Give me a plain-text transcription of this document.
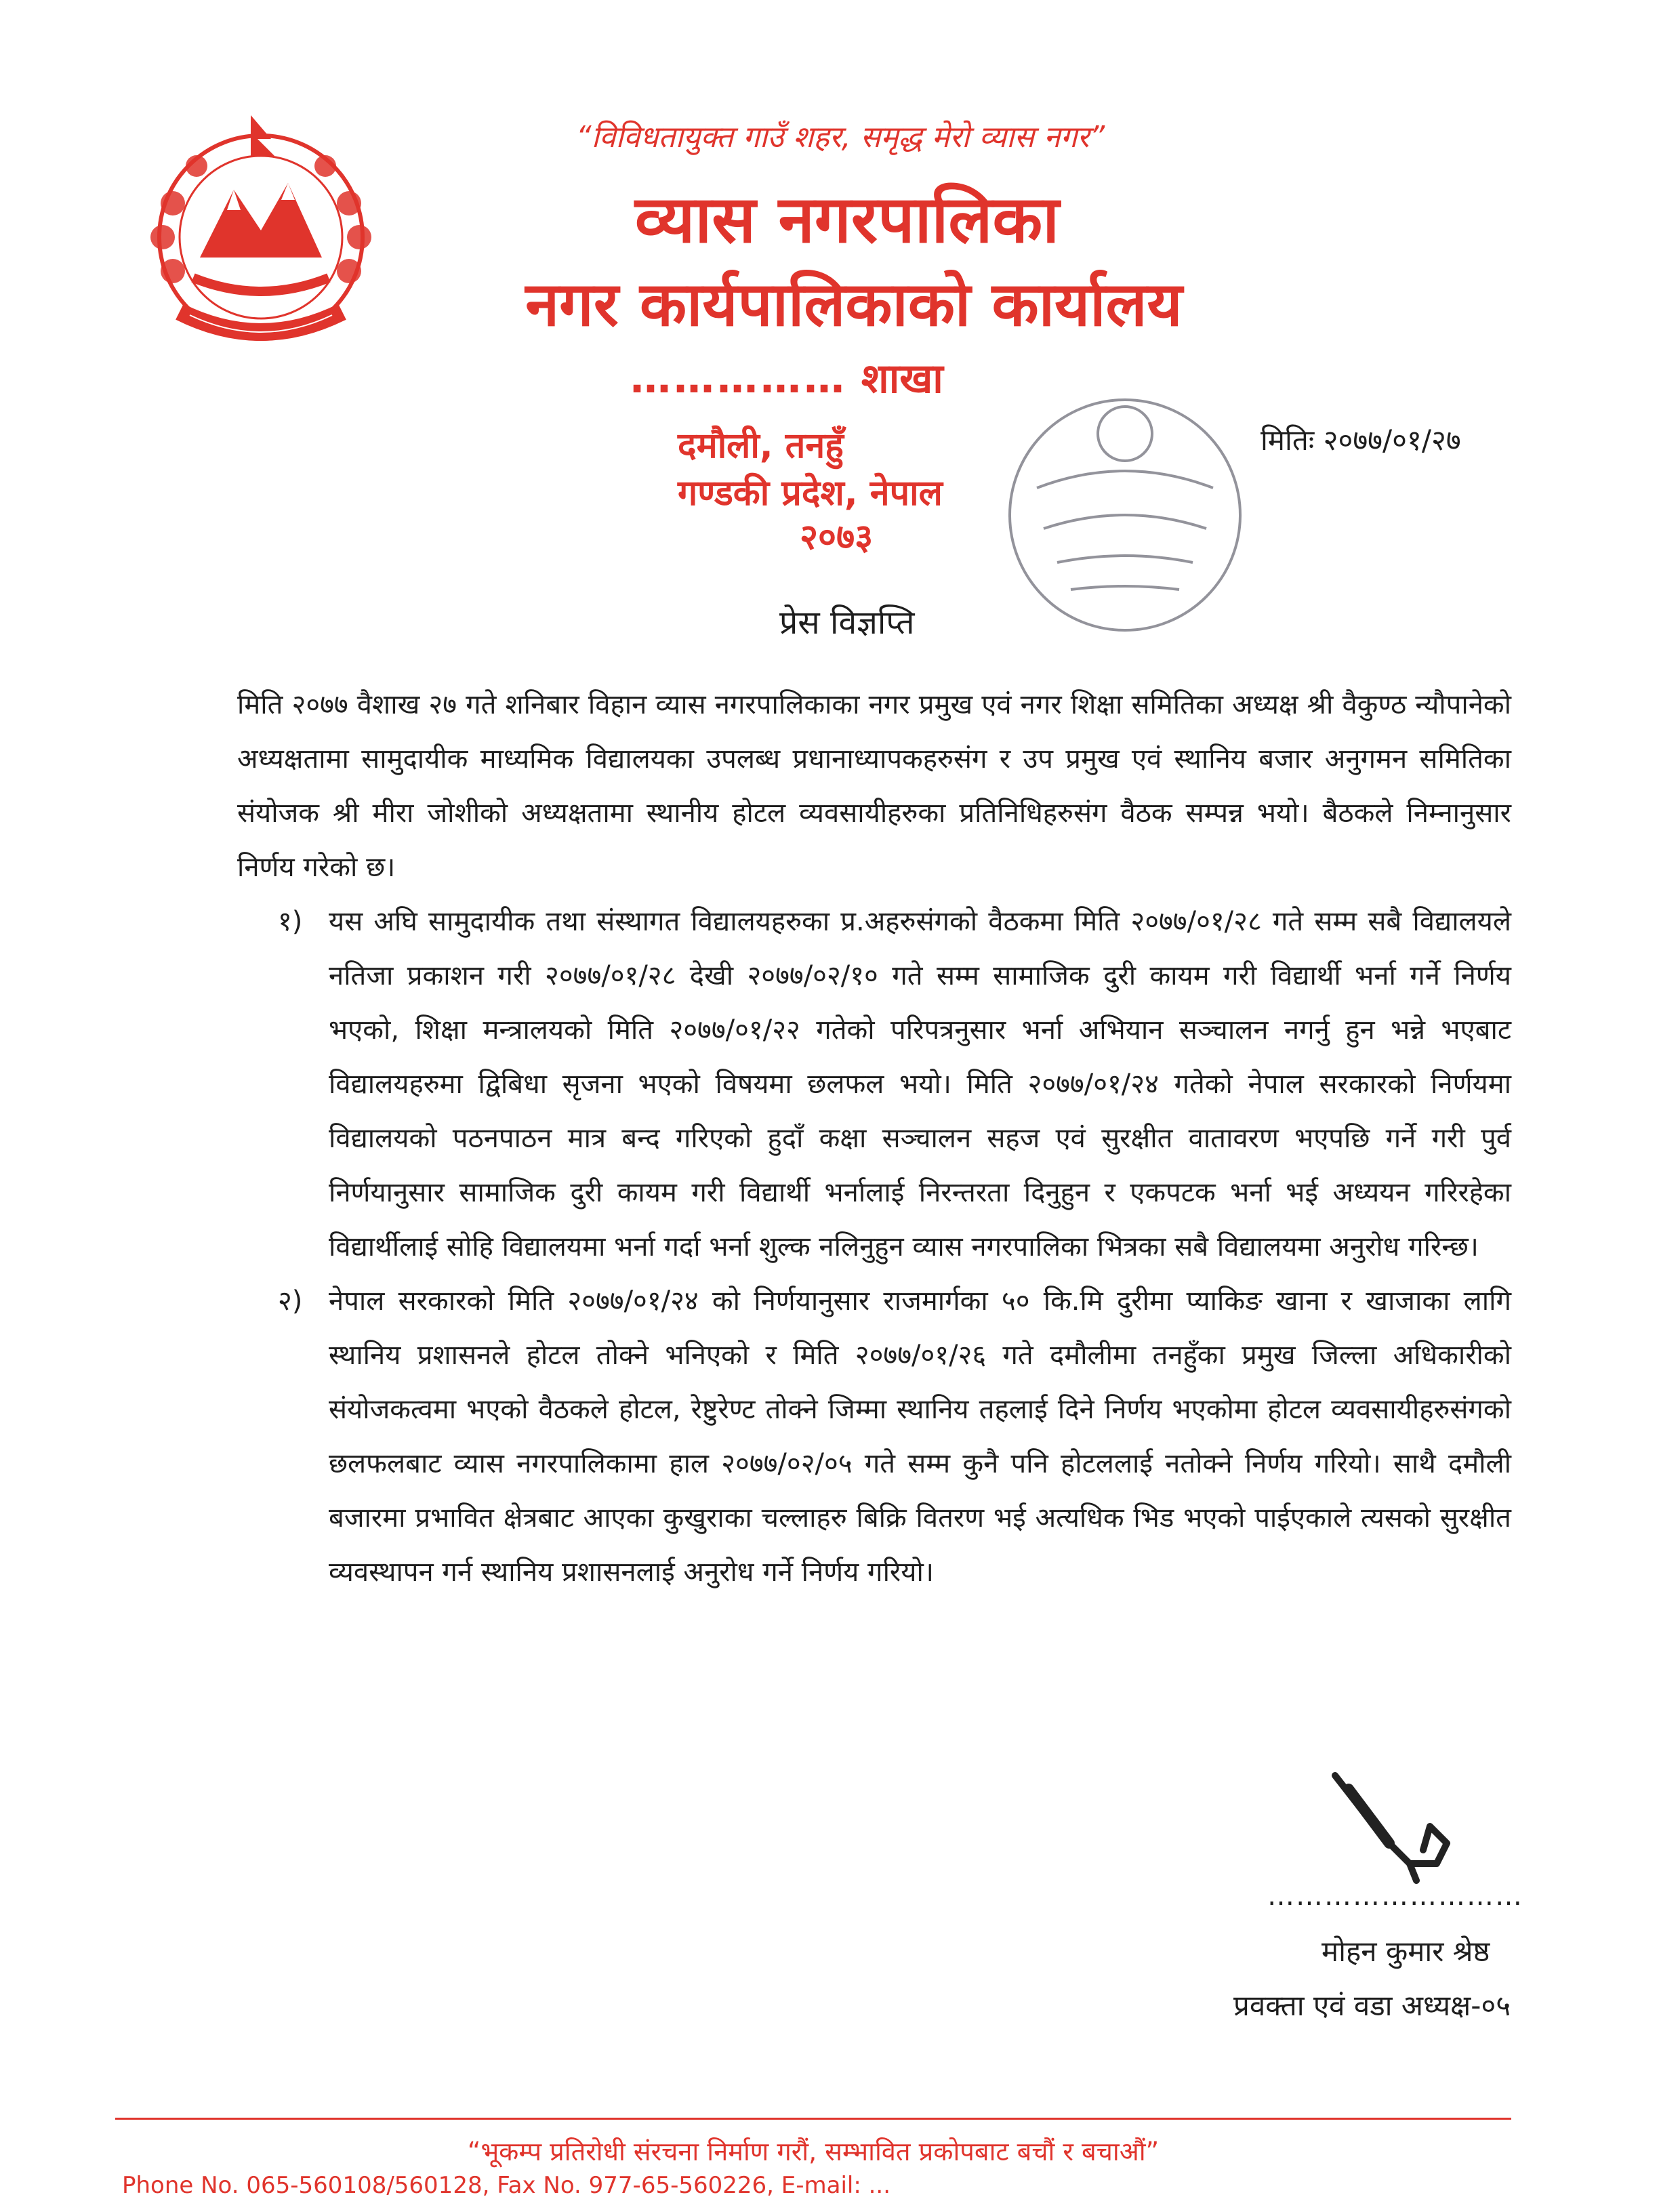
“विविधतायुक्त गाउँ शहर, समृद्ध मेरो व्यास नगर”
व्यास नगरपालिका
नगर कार्यपालिकाको कार्यालय
…………… शाखा
दमौली, तनहुँ
गण्डकी प्रदेश, नेपाल
२०७३
मितिः २०७७/०१/२७
प्रेस विज्ञप्ति

मिति २०७७ वैशाख २७ गते शनिबार विहान व्यास नगरपालिकाका नगर प्रमुख एवं नगर शिक्षा समितिका अध्यक्ष श्री वैकुण्ठ न्यौपानेको अध्यक्षतामा सामुदायीक माध्यमिक विद्यालयका उपलब्ध प्रधानाध्यापकहरुसंग र उप प्रमुख एवं स्थानिय बजार अनुगमन समितिका संयोजक श्री मीरा जोशीको अध्यक्षतामा स्थानीय होटल व्यवसायीहरुका प्रतिनिधिहरुसंग वैठक सम्पन्न भयो। बैठकले निम्नानुसार निर्णय गरेको छ।

१) यस अघि सामुदायीक तथा संस्थागत विद्यालयहरुका प्र.अहरुसंगको वैठकमा मिति २०७७/०१/२८ गते सम्म सबै विद्यालयले नतिजा प्रकाशन गरी २०७७/०१/२८ देखी २०७७/०२/१० गते सम्म सामाजिक दुरी कायम गरी विद्यार्थी भर्ना गर्ने निर्णय भएको, शिक्षा मन्त्रालयको मिति २०७७/०१/२२ गतेको परिपत्रनुसार भर्ना अभियान सञ्चालन नगर्नु हुन भन्ने भएबाट विद्यालयहरुमा द्विबिधा सृजना भएको विषयमा छलफल भयो। मिति २०७७/०१/२४ गतेको नेपाल सरकारको निर्णयमा विद्यालयको पठनपाठन मात्र बन्द गरिएको हुदाँ कक्षा सञ्चालन सहज एवं सुरक्षीत वातावरण भएपछि गर्ने गरी पुर्व निर्णयानुसार सामाजिक दुरी कायम गरी विद्यार्थी भर्नालाई निरन्तरता दिनुहुन र एकपटक भर्ना भई अध्ययन गरिरहेका विद्यार्थीलाई सोहि विद्यालयमा भर्ना गर्दा भर्ना शुल्क नलिनुहुन व्यास नगरपालिका भित्रका सबै विद्यालयमा अनुरोध गरिन्छ।
२) नेपाल सरकारको मिति २०७७/०१/२४ को निर्णयानुसार राजमार्गका ५० कि.मि दुरीमा प्याकिङ खाना र खाजाका लागि स्थानिय प्रशासनले होटल तोक्ने भनिएको र मिति २०७७/०१/२६ गते दमौलीमा तनहुँका प्रमुख जिल्ला अधिकारीको संयोजकत्वमा भएको वैठकले होटल, रेष्टुरेण्ट तोक्ने जिम्मा स्थानिय तहलाई दिने निर्णय भएकोमा होटल व्यवसायीहरुसंगको छलफलबाट व्यास नगरपालिकामा हाल २०७७/०२/०५ गते सम्म कुनै पनि होटललाई नतोक्ने निर्णय गरियो। साथै दमौली बजारमा प्रभावित क्षेत्रबाट आएका कुखुराका चल्लाहरु बिक्रि वितरण भई अत्यधिक भिड भएको पाईएकाले त्यसको सुरक्षीत व्यवस्थापन गर्न स्थानिय प्रशासनलाई अनुरोध गर्ने निर्णय गरियो।
………………………
मोहन कुमार श्रेष्ठ
प्रवक्ता एवं वडा अध्यक्ष-०५
“भूकम्प प्रतिरोधी संरचना निर्माण गरौं, सम्भावित प्रकोपबाट बचौं र बचाऔं”
Phone No. 065-560108/560128, Fax No. 977-65-560226, E-mail: ...
